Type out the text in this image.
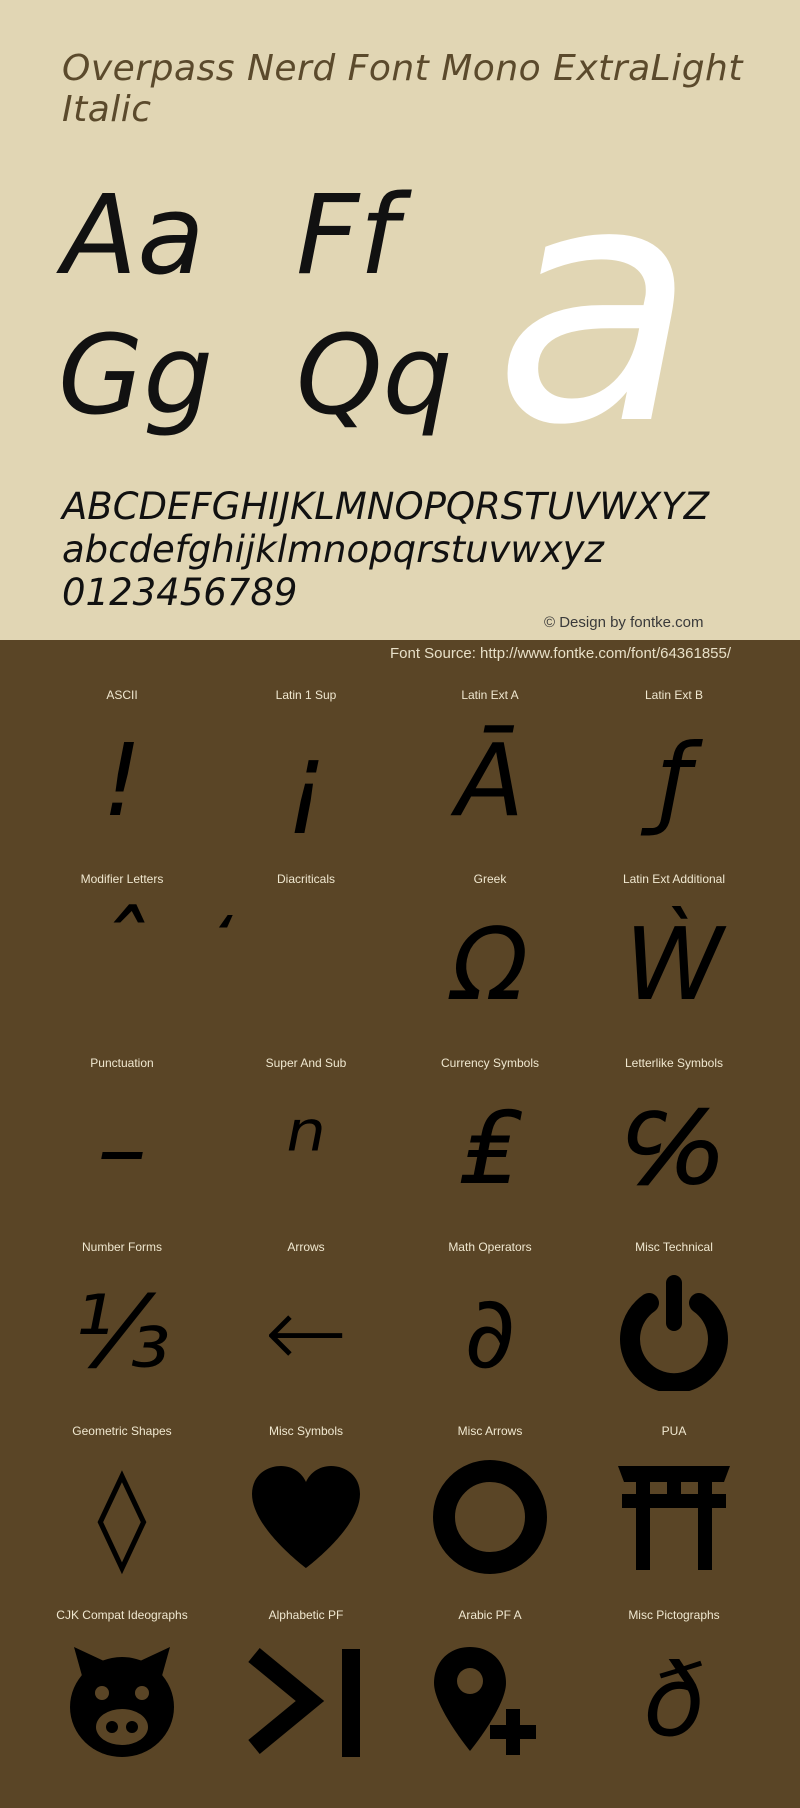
Overpass Nerd Font Mono ExtraLight Italic
Aa Ff
Gg Qq a
ABCDEFGHIJKLMNOPQRSTUVWXYZ
abcdefghijklmnopqrstuvwxyz
0123456789
© Design by fontke.com
Font Source: http://www.fontke.com/font/64361855/
ASCII
!
Latin 1 Sup
¡
Latin Ext A
Ā
Latin Ext B
ƒ
Modifier Letters
ˆ
Diacriticals	Greek
Ω
Latin Ext Additional
Ẁ
Punctuation
–
Super And Sub
ⁿ
Currency Symbols
₤
Letterlike Symbols
℅
Number Forms
⅓
Arrows
←
Math Operators
∂
Misc Technical
Geometric Shapes
◊
Misc Symbols	Misc Arrows	PUA
CJK Compat Ideographs	Alphabetic PF	Arabic PF A	Misc Pictographs
ð
